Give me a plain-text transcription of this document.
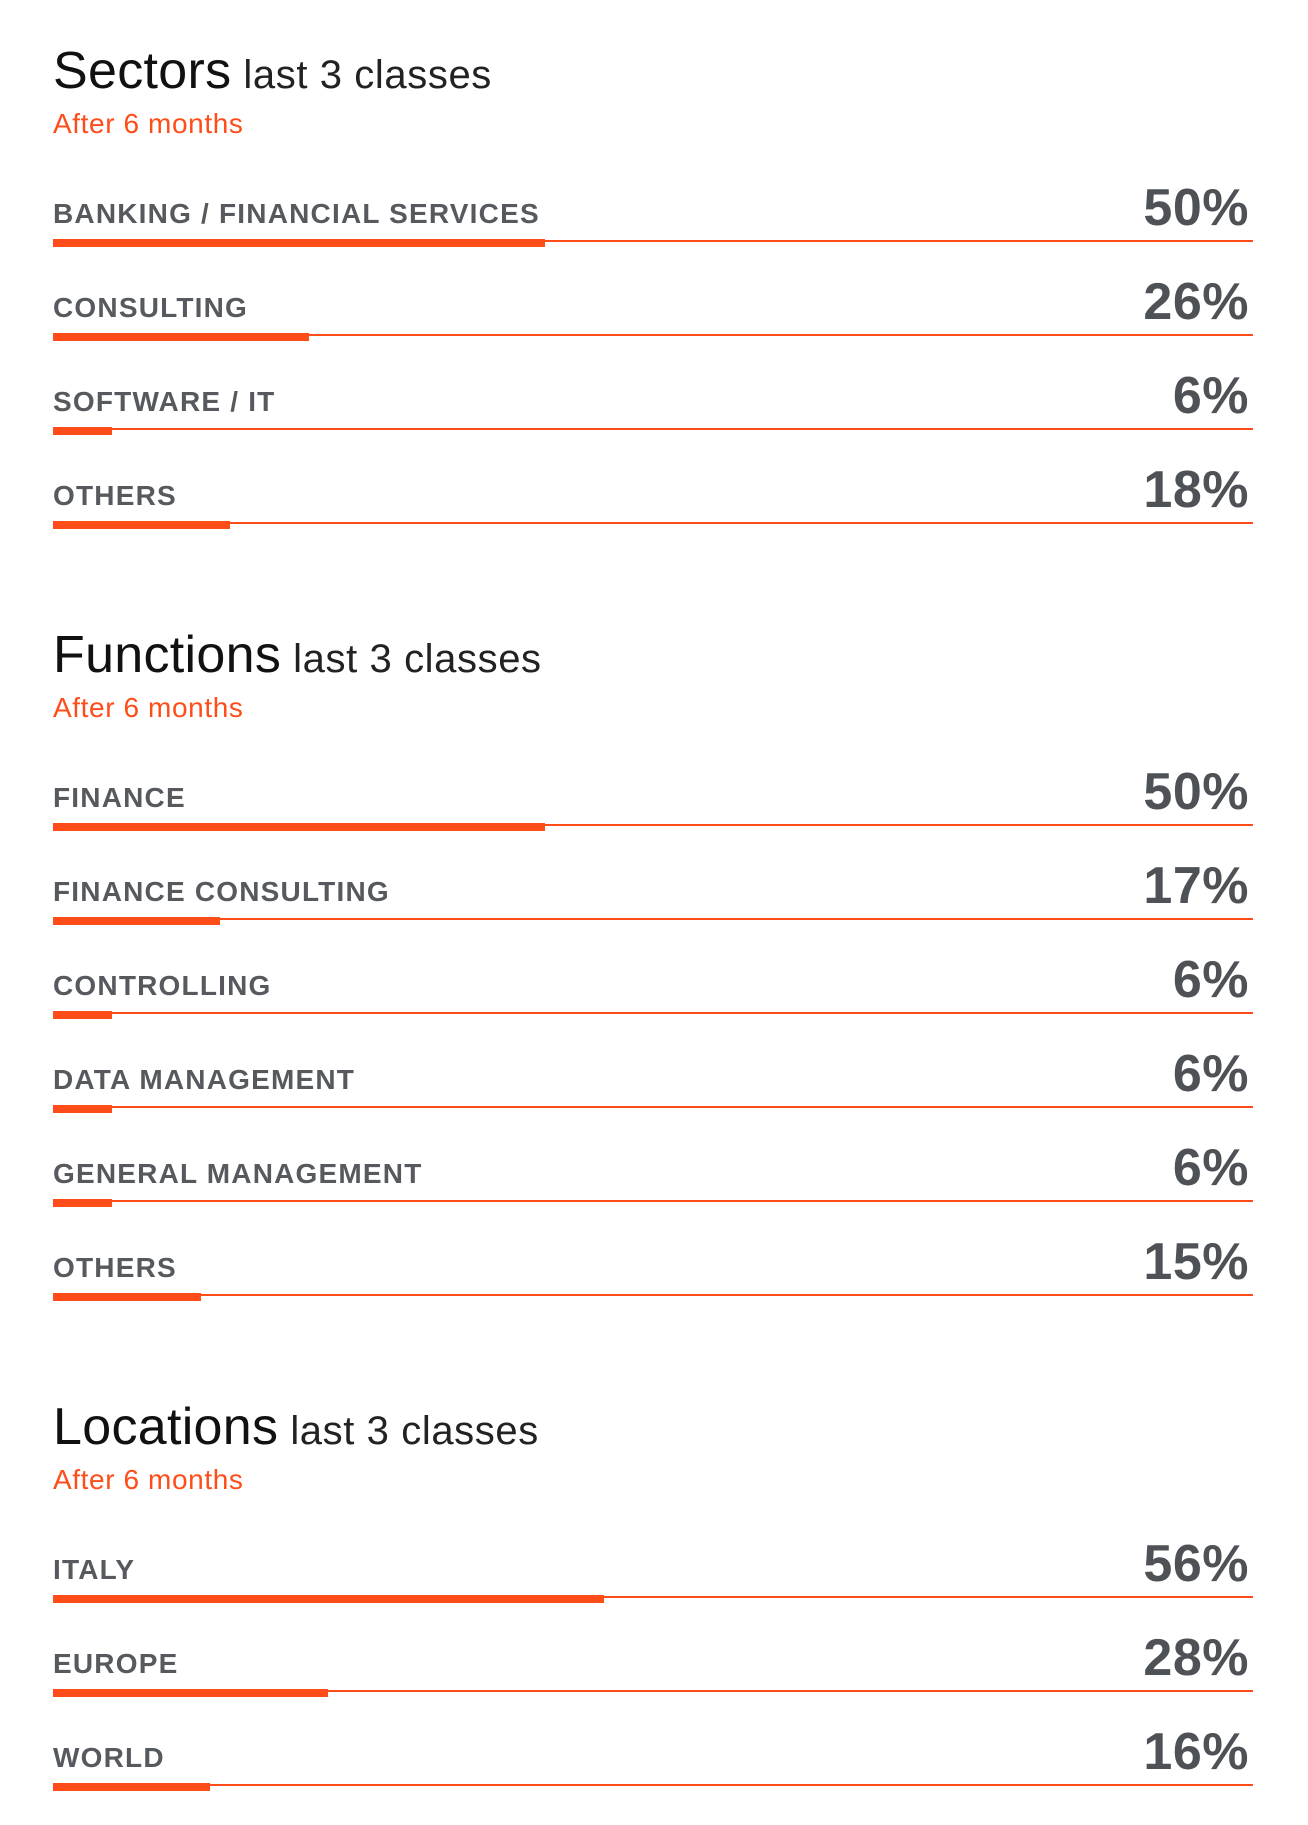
Sectors last 3 classes
After 6 months
BANKING / FINANCIAL SERVICES	50%
CONSULTING	26%
SOFTWARE / IT	6%
OTHERS	18%
Functions last 3 classes
After 6 months
FINANCE	50%
FINANCE CONSULTING	17%
CONTROLLING	6%
DATA MANAGEMENT	6%
GENERAL MANAGEMENT	6%
OTHERS	15%
Locations last 3 classes
After 6 months
ITALY	56%
EUROPE	28%
WORLD	16%
